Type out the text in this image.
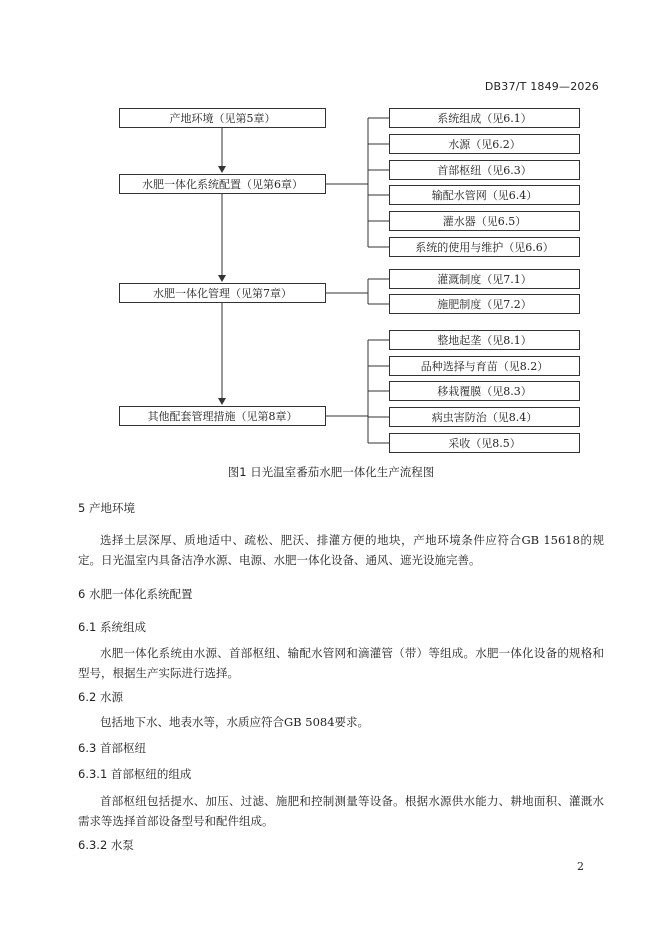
DB37/T 1849—2026
产地环境（见第5章）
水肥一体化系统配置（见第6章）
水肥一体化管理（见第7章）
其他配套管理措施（见第8章）
系统组成（见6.1）
水源（见6.2）
首部枢纽（见6.3）
输配水管网（见6.4）
灌水器（见6.5）
系统的使用与维护（见6.6）
灌溉制度（见7.1）
施肥制度（见7.2）
整地起垄（见8.1）
品种选择与育苗（见8.2）
移栽覆膜（见8.3）
病虫害防治（见8.4）
采收（见8.5）
图1 日光温室番茄水肥一体化生产流程图
5 产地环境
选择土层深厚、质地适中、疏松、肥沃、排灌方便的地块，产地环境条件应符合GB 15618的规定。日光温室内具备洁净水源、电源、水肥一体化设备、通风、遮光设施完善。
6 水肥一体化系统配置
6.1 系统组成
水肥一体化系统由水源、首部枢纽、输配水管网和滴灌管（带）等组成。水肥一体化设备的规格和型号，根据生产实际进行选择。
6.2 水源
包括地下水、地表水等，水质应符合GB 5084要求。
6.3 首部枢纽
6.3.1 首部枢纽的组成
首部枢纽包括提水、加压、过滤、施肥和控制测量等设备。根据水源供水能力、耕地面积、灌溉水需求等选择首部设备型号和配件组成。
6.3.2 水泵
2
